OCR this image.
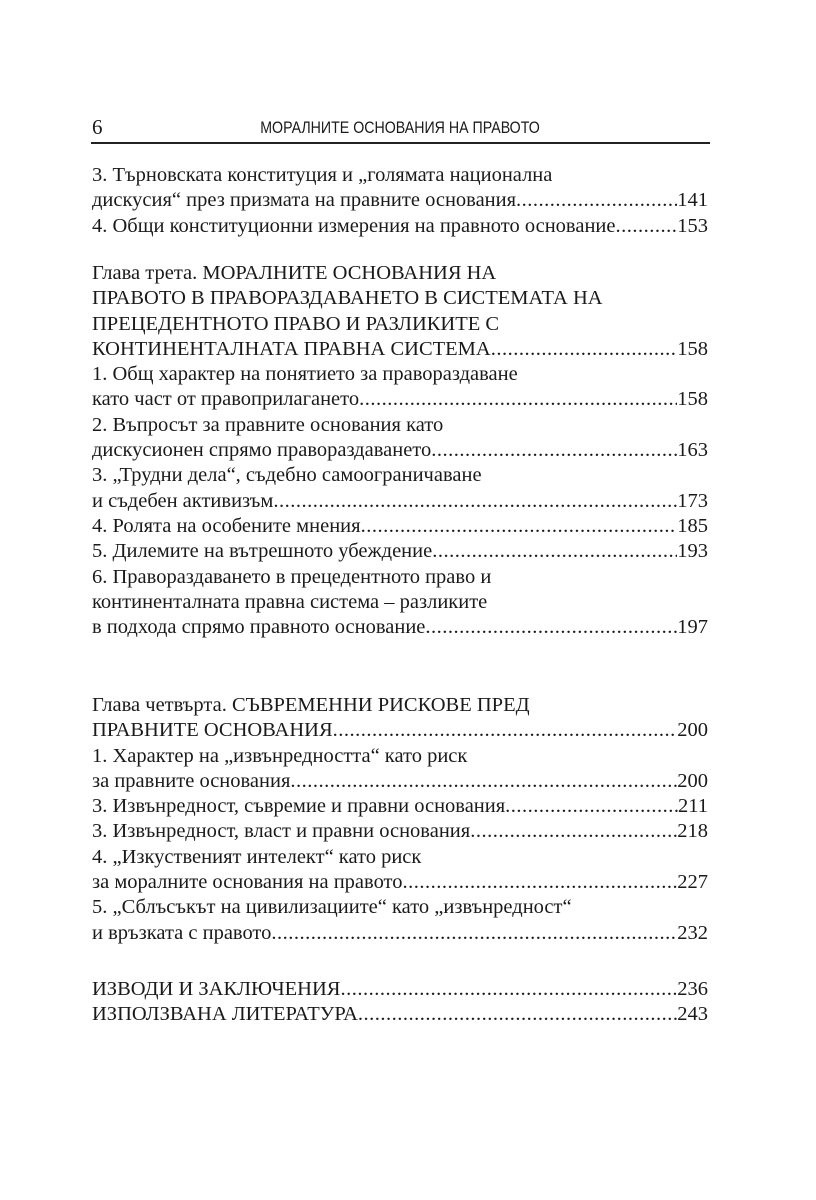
6	МОРАЛНИТЕ ОСНОВАНИЯ НА ПРАВОТО
3. Търновската конституция и „голямата национална
дискусия“ през призмата на правните основания .....	141
4. Общи конституционни измерения на правното основание .....	153
Глава трета. МОРАЛНИТЕ ОСНОВАНИЯ НА
ПРАВОТО В ПРАВОРАЗДАВАНЕТО В СИСТЕМАТА НА
ПРЕЦЕДЕНТНОТО ПРАВО И РАЗЛИКИТЕ С
КОНТИНЕНТАЛНАТА ПРАВНА СИСТЕМА .....	158
1. Общ характер на понятието за правораздаване
като част от правоприлагането .....	158
2. Въпросът за правните основания като
дискусионен спрямо правораздаването .....	163
3. „Трудни дела“, съдебно самоограничаване
и съдебен активизъм .....	173
4. Ролята на особените мнения .....	185
5. Дилемите на вътрешното убеждение .....	193
6. Правораздаването в прецедентното право и
континенталната правна система – разликите
в подхода спрямо правното основание .....	197
Глава четвърта. СЪВРЕМЕННИ РИСКОВЕ ПРЕД
ПРАВНИТЕ ОСНОВАНИЯ .....	200
1. Характер на „извънредността“ като риск
за правните основания .....	200
3. Извънредност, съвремие и правни основания .....	211
3. Извънредност, власт и правни основания .....	218
4. „Изкуственият интелект“ като риск
за моралните основания на правото .....	227
5. „Сблъсъкът на цивилизациите“ като „извънредност“
и връзката с правото .....	232
ИЗВОДИ И ЗАКЛЮЧЕНИЯ .....	236
ИЗПОЛЗВАНА ЛИТЕРАТУРА .....	243
